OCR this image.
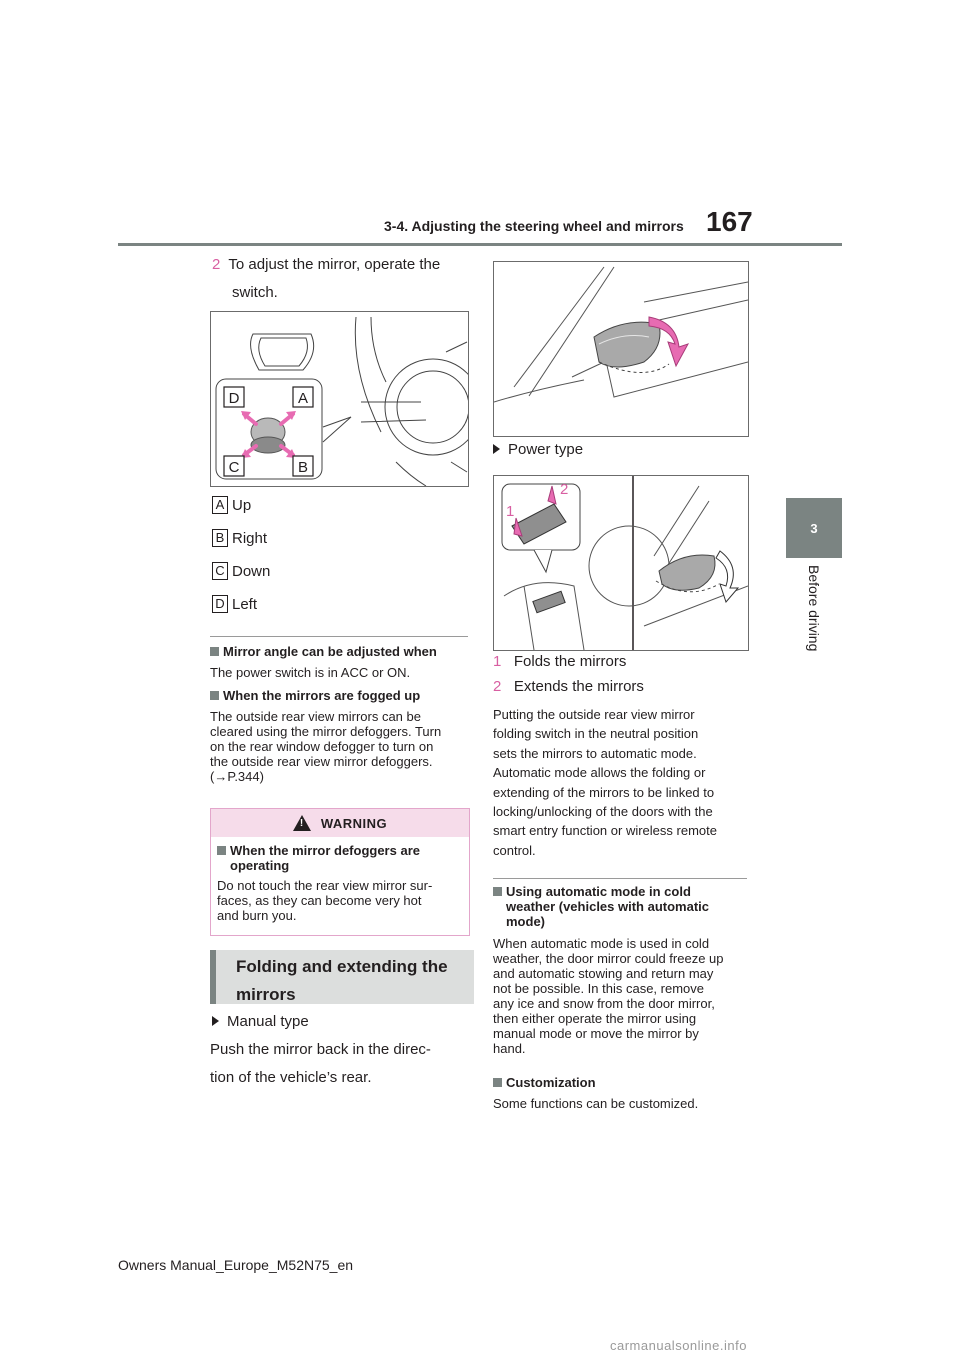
3-4. Adjusting the steering wheel and mirrors 167
3
Before driving
2 To adjust the mirror, operate the
switch.
D	A
C	B
A Up
B Right
C Down
D Left
Mirror angle can be adjusted when
The power switch is in ACC or ON.
When the mirrors are fogged up
The outside rear view mirrors can be
cleared using the mirror defoggers. Turn
on the rear window defogger to turn on
the outside rear view mirror defoggers.
(→P.344)
! WARNING
When the mirror defoggers are
operating
Do not touch the rear view mirror sur-
faces, as they can become very hot
and burn you.
Folding and extending the
mirrors
Manual type
Push the mirror back in the direc-
tion of the vehicle’s rear.
Power type
1
2
1 Folds the mirrors
2 Extends the mirrors
Putting the outside rear view mirror
folding switch in the neutral position
sets the mirrors to automatic mode.
Automatic mode allows the folding or
extending of the mirrors to be linked to
locking/unlocking of the doors with the
smart entry function or wireless remote
control.
Using automatic mode in cold
weather (vehicles with automatic
mode)
When automatic mode is used in cold
weather, the door mirror could freeze up
and automatic stowing and return may
not be possible. In this case, remove
any ice and snow from the door mirror,
then either operate the mirror using
manual mode or move the mirror by
hand.
Customization
Some functions can be customized.
Owners Manual_Europe_M52N75_en
carmanualsonline.info
